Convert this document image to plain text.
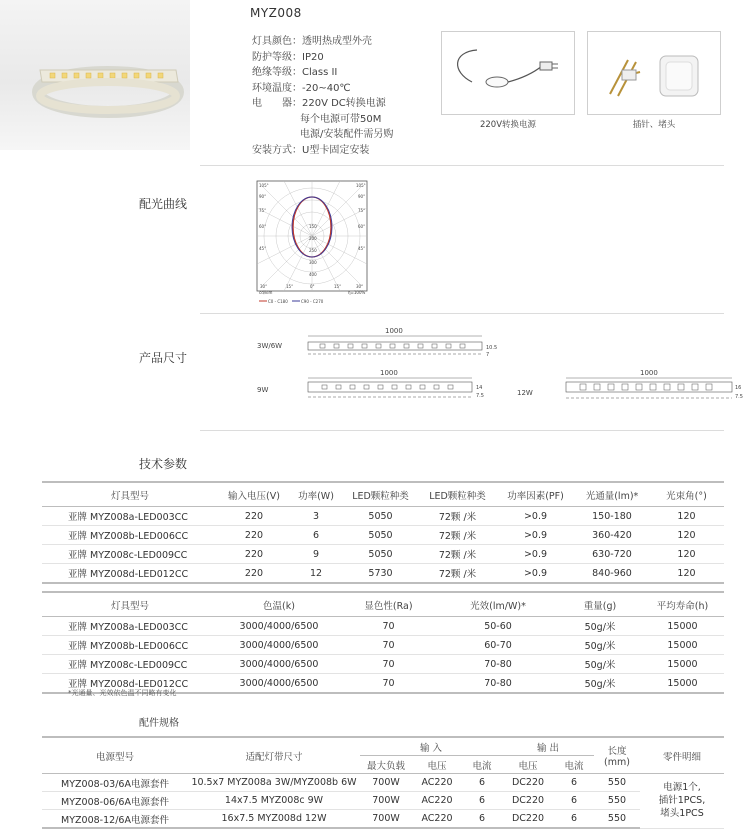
MYZ008
灯具颜色：透明热成型外壳
防护等级：IP20
绝缘等级：Class II
环境温度：-20~40℃
电　　器：220V DC转换电源
每个电源可带50M
电源/安装配件需另购
安装方式：U型卡固定安装
220V转换电源	插针、堵头
配光曲线
105°	105°
90°	90°
75°	75°
60°	60°
45°	45°
30°	15°	0°	15°	30°
150
200
250
300
400
cd/klm	η=100%
C0 - C180	C90 - C270
产品尺寸
3W/6W
1000
10.5
7
9W
1000
14
7.5	12W
1000
16
7.5
技术参数
灯具型号	输入电压(V)	功率(W)	LED颗粒种类	LED颗粒种类	功率因素(PF)	光通量(lm)*	光束角(°)
亚牌 MYZ008a-LED003CC	220	3	5050	72颗 /米	>0.9	150-180	120
亚牌 MYZ008b-LED006CC	220	6	5050	72颗 /米	>0.9	360-420	120
亚牌 MYZ008c-LED009CC	220	9	5050	72颗 /米	>0.9	630-720	120
亚牌 MYZ008d-LED012CC	220	12	5730	72颗 /米	>0.9	840-960	120
灯具型号	色温(k)	显色性(Ra)	光效(lm/W)*	重量(g)	平均寿命(h)
亚牌 MYZ008a-LED003CC	3000/4000/6500	70	50-60	50g/米	15000
亚牌 MYZ008b-LED006CC	3000/4000/6500	70	60-70	50g/米	15000
亚牌 MYZ008c-LED009CC	3000/4000/6500	70	70-80	50g/米	15000
亚牌 MYZ008d-LED012CC	3000/4000/6500	70	70-80	50g/米	15000
*光通量、光效依色温不同略有变化
配件规格
电源型号	适配灯带尺寸	输 入			输 出		长度
(mm)	零件明细
		最大负载	电压	电流	电压	电流		
MYZ008-03/6A电源套件	10.5x7 MYZ008a 3W/MYZ008b 6W	700W	AC220	6	DC220	6	550	电源1个,
插针1PCS,
堵头1PCS

MYZ008-06/6A电源套件	14x7.5 MYZ008c 9W	700W	AC220	6	DC220	6	550	
MYZ008-12/6A电源套件	16x7.5 MYZ008d 12W	700W	AC220	6	DC220	6	550	
